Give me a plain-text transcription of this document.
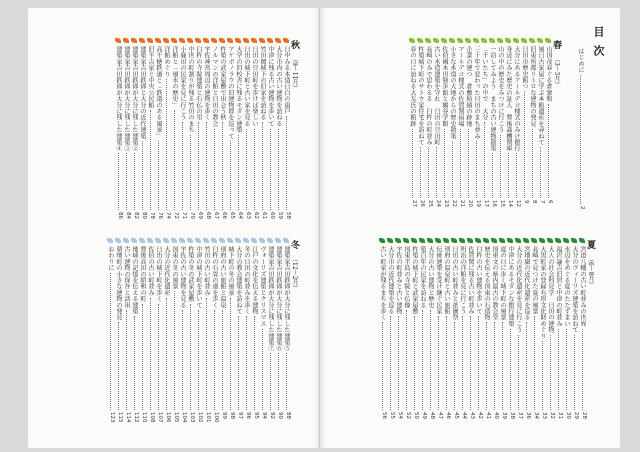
目次
はじめに
2
春 （3〜5月）
山国茂春ぐる倉衆和
6
風日古家屋に学ぶ本館遺産を尋ねて
7
旧東所都リトロな建物の発見
8
日田市歴史館つ
9
大分にあるアールデコ様式のみけ銀行
12
身近にみた歴史の証人　豊後森機関庫
14
山の中の歴史をみつけに行こう
15
一泊してみよう　まちの古い建物散策
16
「千いたち」の中で　大分
17
三十年で変わった日田のまち並み
19
企業の建つ　倉敷紡績の跡地
20
アールデコ様式の佐賀関宿場
21
小さな木造の大地からの歴史散策
22
佐伯國木田独歩館と鶴谷学館
23
古い木造建築を守れ　日田の豆田町
24
長崎のみで思わるる　臼杵の町並み
25
杵築城下町のサトウ家住宅を訪ねて
26
春の日に訪ねる大友氏の館跡
27
夏 （6〜8月）
宮迫八幡の古い町並みの世界
28
大分のヴィーリズ建築を訪ねて
29
水辺をめぐる夏のたたずまい
30
福沢諭吉旧居と中津の町並み
31
大人の社会科見学　日田の建物
32
大黒町家の登録有形文化財めぐり
33
長崎で見つけた夏の風景
34
宮地嶽の近代化遺産を巡る
36
大分の近代化遺産を見に行こう
37
中津にあるモダンな銀行建築
38
夏の日に歩く城下町の風景
39
国重文の県内最古の教会堂
40
歴史を伝える国東の石造物
41
臼杵の古い建物を歩いて
42
佐賀関に残る古い町並み
43
明治の洋館を見に行こう
44
日田の古い町並みと祇園祭
45
別府の温泉町と古い旅館
46
伝統建築を受け継ぐ民家
47
大分の古い建物と歴史
48
築百年の民家を訪ねる
49
杵築の城下町と武家屋敷
50
国東半島の寺院と仏像
52
宇佐の町並みと古い建物
54
大分市の近代建築を巡る
55
古い町家が残るまちを歩く
56
秋 （9〜11月）
日中みる木造日白の雨戸
58
大分市内の古い建物を訪ねる
59
中津に残る古い建物を歩いて
60
竹田岡城下の旧家を訪ねる
61
日田の豆田町を歩けば楽しい
62
日出の城下町と古い家を見る
63
大学の旧校舎に残るモダン建築
64
アケボノラウの旧建物群を巡って
65
杵築の武家屋敷で出会う秋
66
ノルマンの洋館と日田の教会
67
宇佐神宮周辺の建物を歩く
68
臼杵の寺院建築と石仏の里
69
中世の町割りが残る竹田のまち
70
小鹿田の民家を見に行こう
71
洋館と「風水の歴史」
72
洋館めぐり
74
高千穂鉄道と「鉄道のある風景」
76
旧平吉家と中央公民館
78
建築家吉田鉄郎と大分の近代建築
80
建築家吉田鉄郎が大分に残した建築②
82
建築家吉田鉄郎が大分に残した建築③
84
建築家吉田鉄郎が大分に残した建築④
86
冬 （12〜2月）
建築家吉田鉄郎が大分に残した建築⑤
88
建築家吉田鉄郎が大分に残した建築⑥
90
建築家吉田鉄郎が大分に残した建築⑦
92
ヴォーリズ建築とクリスマス
94
江戸の文化を伝える建物
95
冬の日田の町並みを歩く
96
大分の教会建築を訪ねて
97
城下町の冬の風景
98
別府の古い旅館と温泉
99
臼杵の石畳の道を歩く
100
竹田の古い町並み
101
中津の城下町を歩いて
102
杵築の冬の武家屋敷
103
宇佐の古い建物を見る
104
国東の冬の風景
105
大分の近代化遺産
106
日出の城下町を歩く
107
佐伯の古い町並み
108
豊後高田の昭和の町
110
地域の記憶を伝える建築
112
古い建物の保存と活用
114
朝地町の小さな建物の発見
115
おわりに
123
